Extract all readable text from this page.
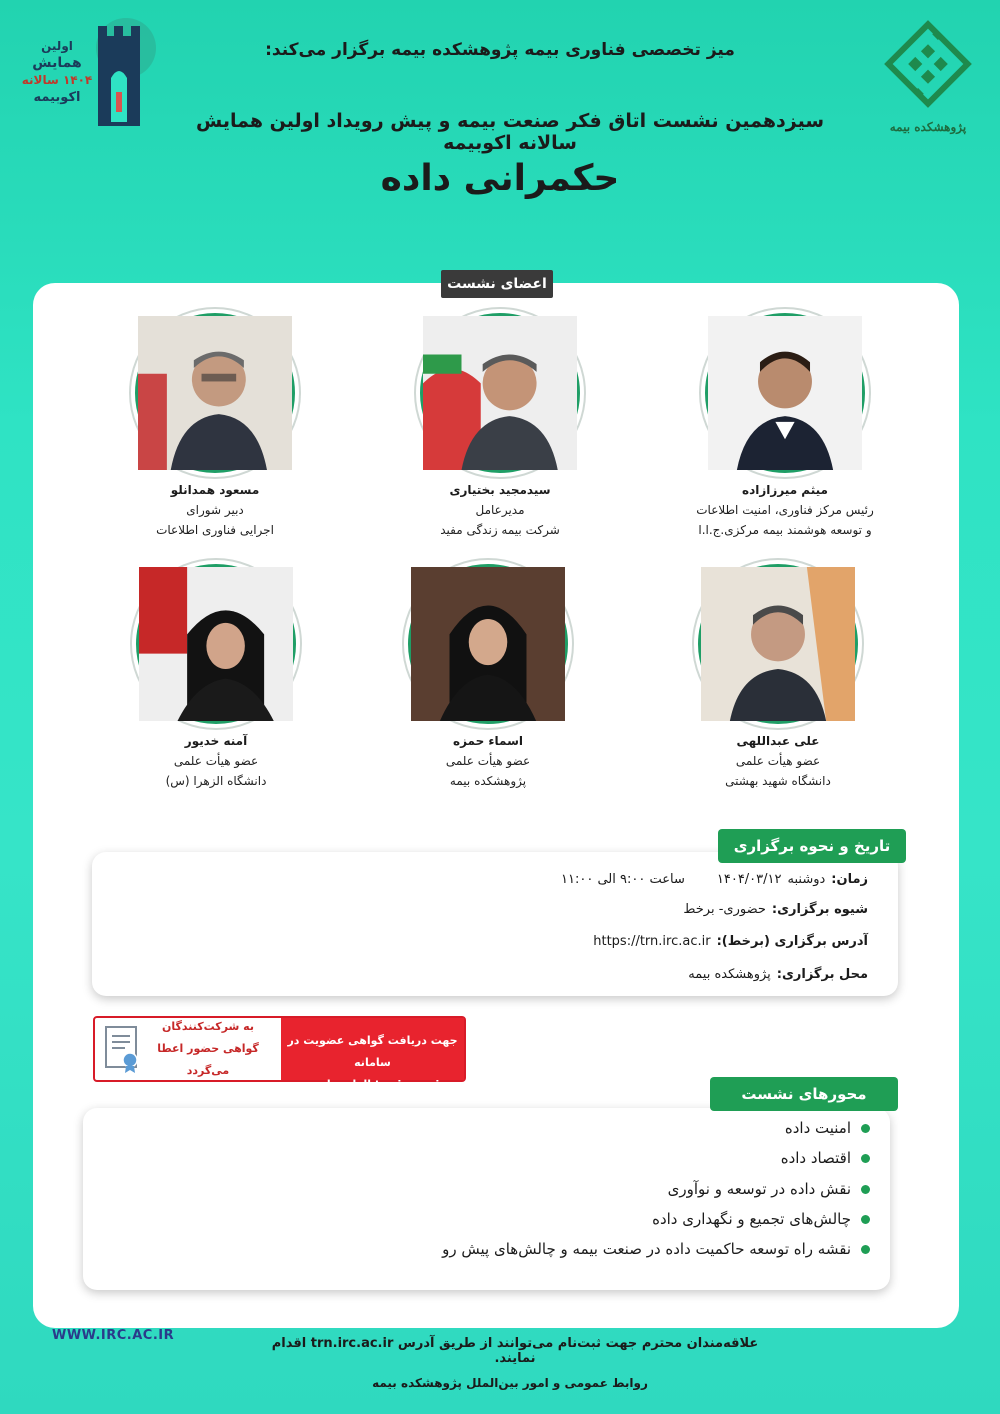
پژوهشکده بیمه
اولین
همایش
۱۴۰۴ سالانه
اکوبیمه
میز تخصصی فناوری بیمه پژوهشکده بیمه برگزار می‌کند:
سیزدهمین نشست اتاق فکر صنعت بیمه و پیش رویداد اولین همایش سالانه اکوبیمه
حکمرانی داده
اعضای نشست
میثم میرزازاده
رئیس مرکز فناوری، امنیت اطلاعات
و توسعه هوشمند بیمه مرکزی.ج.ا.ا
سیدمجید بختیاری
مدیرعامل
شرکت بیمه زندگی مفید
مسعود همدانلو
دبیر شورای
اجرایی فناوری اطلاعات
علی عبداللهی
عضو هیأت علمی
دانشگاه شهید بهشتی
اسماء حمزه
عضو هیأت علمی
پژوهشکده بیمه
آمنه خدیور
عضو هیأت علمی
دانشگاه الزهرا (س)
تاریخ و نحوه برگزاری
زمان:
دوشنبه
۱۴۰۴/۰۳/۱۲
ساعت ۹:۰۰ الی ۱۱:۰۰
شیوه برگزاری:
حضوری- برخط
آدرس برگزاری (برخط):
https://trn.irc.ac.ir
محل برگزاری:
پژوهشکده بیمه
به شرکت‌کنندگان
گواهی حضور اعطا می‌گردد
جهت دریافت گواهی عضویت در سامانه
trn.irc.ac.ir الزامی است.
محورهای نشست
امنیت داده
اقتصاد داده
نقش داده در توسعه و نوآوری
چالش‌های تجمیع و نگهداری داده
نقشه راه توسعه حاکمیت داده در صنعت بیمه و چالش‌های پیش رو
WWW.IRC.AC.IR
علاقه‌مندان محترم جهت ثبت‌نام می‌توانند از طریق آدرس trn.irc.ac.ir اقدام نمایند.
روابط عمومی و امور بین‌الملل پژوهشکده بیمه
